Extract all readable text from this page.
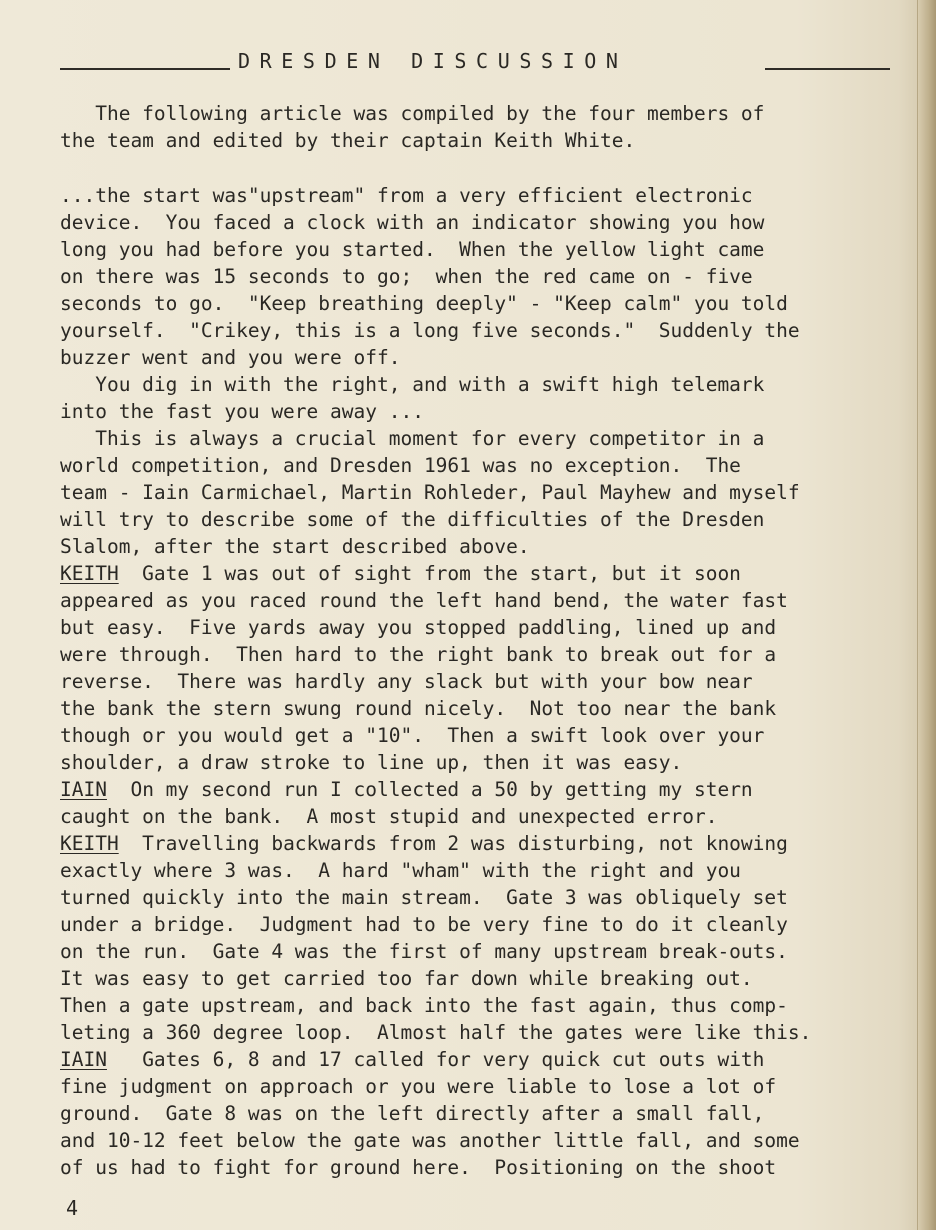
DRESDEN DISCUSSION
The following article was compiled by the four members of
the team and edited by their captain Keith White.
...the start was"upstream" from a very efficient electronic
device.  You faced a clock with an indicator showing you how
long you had before you started.  When the yellow light came
on there was 15 seconds to go;  when the red came on - five
seconds to go.  "Keep breathing deeply" - "Keep calm" you told
yourself.  "Crikey, this is a long five seconds."  Suddenly the
buzzer went and you were off.
You dig in with the right, and with a swift high telemark
into the fast you were away ...
This is always a crucial moment for every competitor in a
world competition, and Dresden 1961 was no exception.  The
team - Iain Carmichael, Martin Rohleder, Paul Mayhew and myself
will try to describe some of the difficulties of the Dresden
Slalom, after the start described above.
KEITH  Gate 1 was out of sight from the start, but it soon
appeared as you raced round the left hand bend, the water fast
but easy.  Five yards away you stopped paddling, lined up and
were through.  Then hard to the right bank to break out for a
reverse.  There was hardly any slack but with your bow near
the bank the stern swung round nicely.  Not too near the bank
though or you would get a "10".  Then a swift look over your
shoulder, a draw stroke to line up, then it was easy.
IAIN  On my second run I collected a 50 by getting my stern
caught on the bank.  A most stupid and unexpected error.
KEITH  Travelling backwards from 2 was disturbing, not knowing
exactly where 3 was.  A hard "wham" with the right and you
turned quickly into the main stream.  Gate 3 was obliquely set
under a bridge.  Judgment had to be very fine to do it cleanly
on the run.  Gate 4 was the first of many upstream break-outs.
It was easy to get carried too far down while breaking out.
Then a gate upstream, and back into the fast again, thus comp-
leting a 360 degree loop.  Almost half the gates were like this.
IAIN   Gates 6, 8 and 17 called for very quick cut outs with
fine judgment on approach or you were liable to lose a lot of
ground.  Gate 8 was on the left directly after a small fall,
and 10-12 feet below the gate was another little fall, and some
of us had to fight for ground here.  Positioning on the shoot
4
